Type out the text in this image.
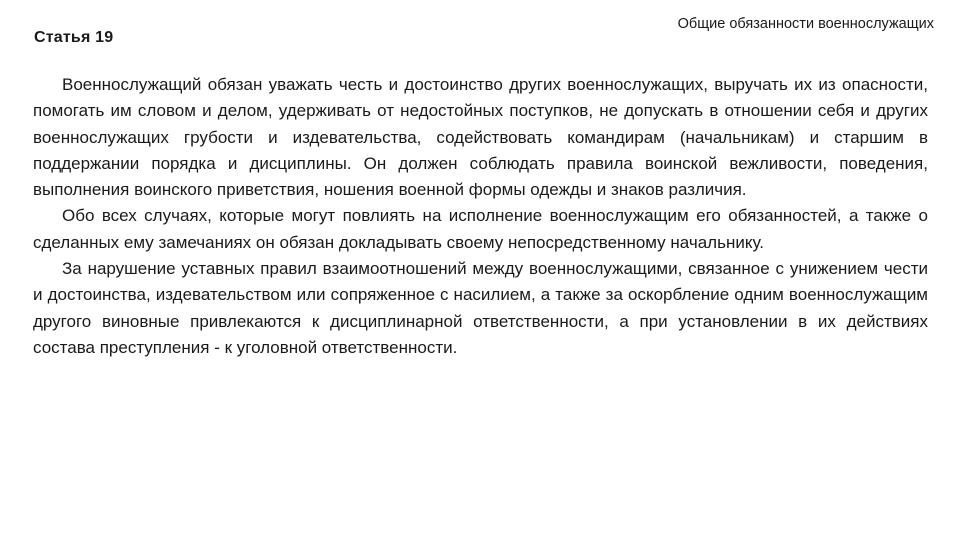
Статья 19
Общие обязанности военнослужащих

Военнослужащий обязан уважать честь и достоинство других военнослужащих, выручать их из опасности, помогать им словом и делом, удерживать от недостойных поступков, не допускать в отношении себя и других военнослужащих грубости и издевательства, содействовать командирам (начальникам) и старшим в поддержании порядка и дисциплины. Он должен соблюдать правила воинской вежливости, поведения, выполнения воинского приветствия, ношения военной формы одежды и знаков различия.

Обо всех случаях, которые могут повлиять на исполнение военнослужащим его обязанностей, а также о сделанных ему замечаниях он обязан докладывать своему непосредственному начальнику.

За нарушение уставных правил взаимоотношений между военнослужащими, связанное с унижением чести и достоинства, издевательством или сопряженное с насилием, а также за оскорбление одним военнослужащим другого виновные привлекаются к дисциплинарной ответственности, а при установлении в их действиях состава преступления - к уголовной ответственности.
